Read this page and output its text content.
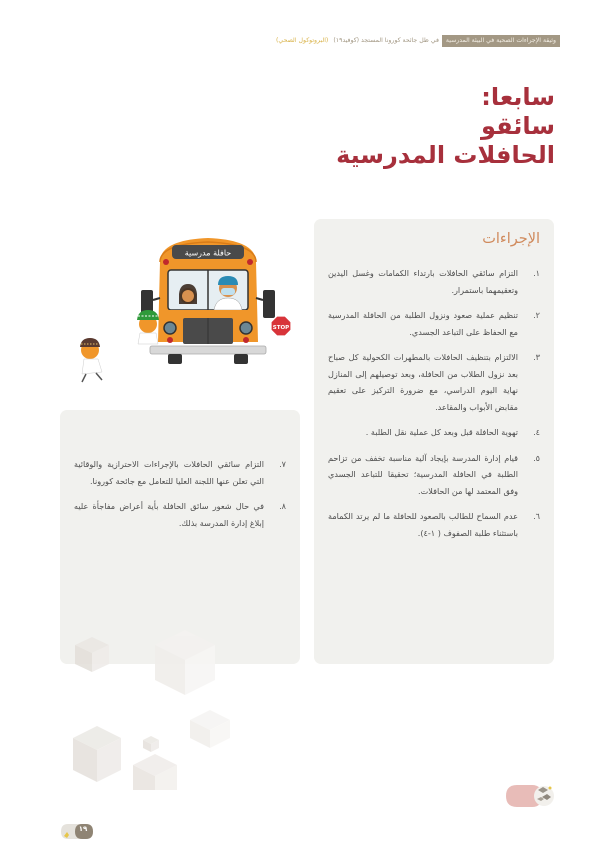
وثيقة الإجراءات الصحية في البيئة المدرسية
في ظل جائحة كورونا المستجد (كوفيد١٩)
(البروتوكول الصحي)
سابعا:
سائقو
الحافلات المدرسية
الإجراءات
١.
التزام سائقي الحافلات بارتداء الكمامات وغسل اليدين وتعقيمهما باستمرار.
٢.
تنظيم عملية صعود ونزول الطلبة من الحافلة المدرسية مع الحفاظ على التباعد الجسدي.
٣.
الالتزام بتنظيف الحافلات بالمطهرات الكحولية كل صباح بعد نزول الطلاب من الحافلة، وبعد توصيلهم إلى المنازل نهاية اليوم الدراسي، مع ضرورة التركيز على تعقيم مقابض الأبواب والمقاعد.
٤.
تهوية الحافلة قبل وبعد كل عملية نقل الطلبة .
٥.
قيام إدارة المدرسة بإيجاد آلية مناسبة تخفف من تزاحم الطلبة في الحافلة المدرسية؛ تحقيقا للتباعد الجسدي وفق المعتمد لها من الحافلات.
٦.
عدم السماح للطالب بالصعود للحافلة ما لم يرتد الكمامة باستثناء طلبة الصفوف ( ١-٤).
٧.
التزام سائقي الحافلات بالإجراءات الاحترازية والوقائية التي تعلن عنها اللجنة العليا للتعامل مع جائحة كورونا.
٨.
في حال شعور سائق الحافلة بأية أعراض مفاجأة عليه إبلاغ إدارة المدرسة بذلك.
حافلة مدرسية
STOP
١٩
